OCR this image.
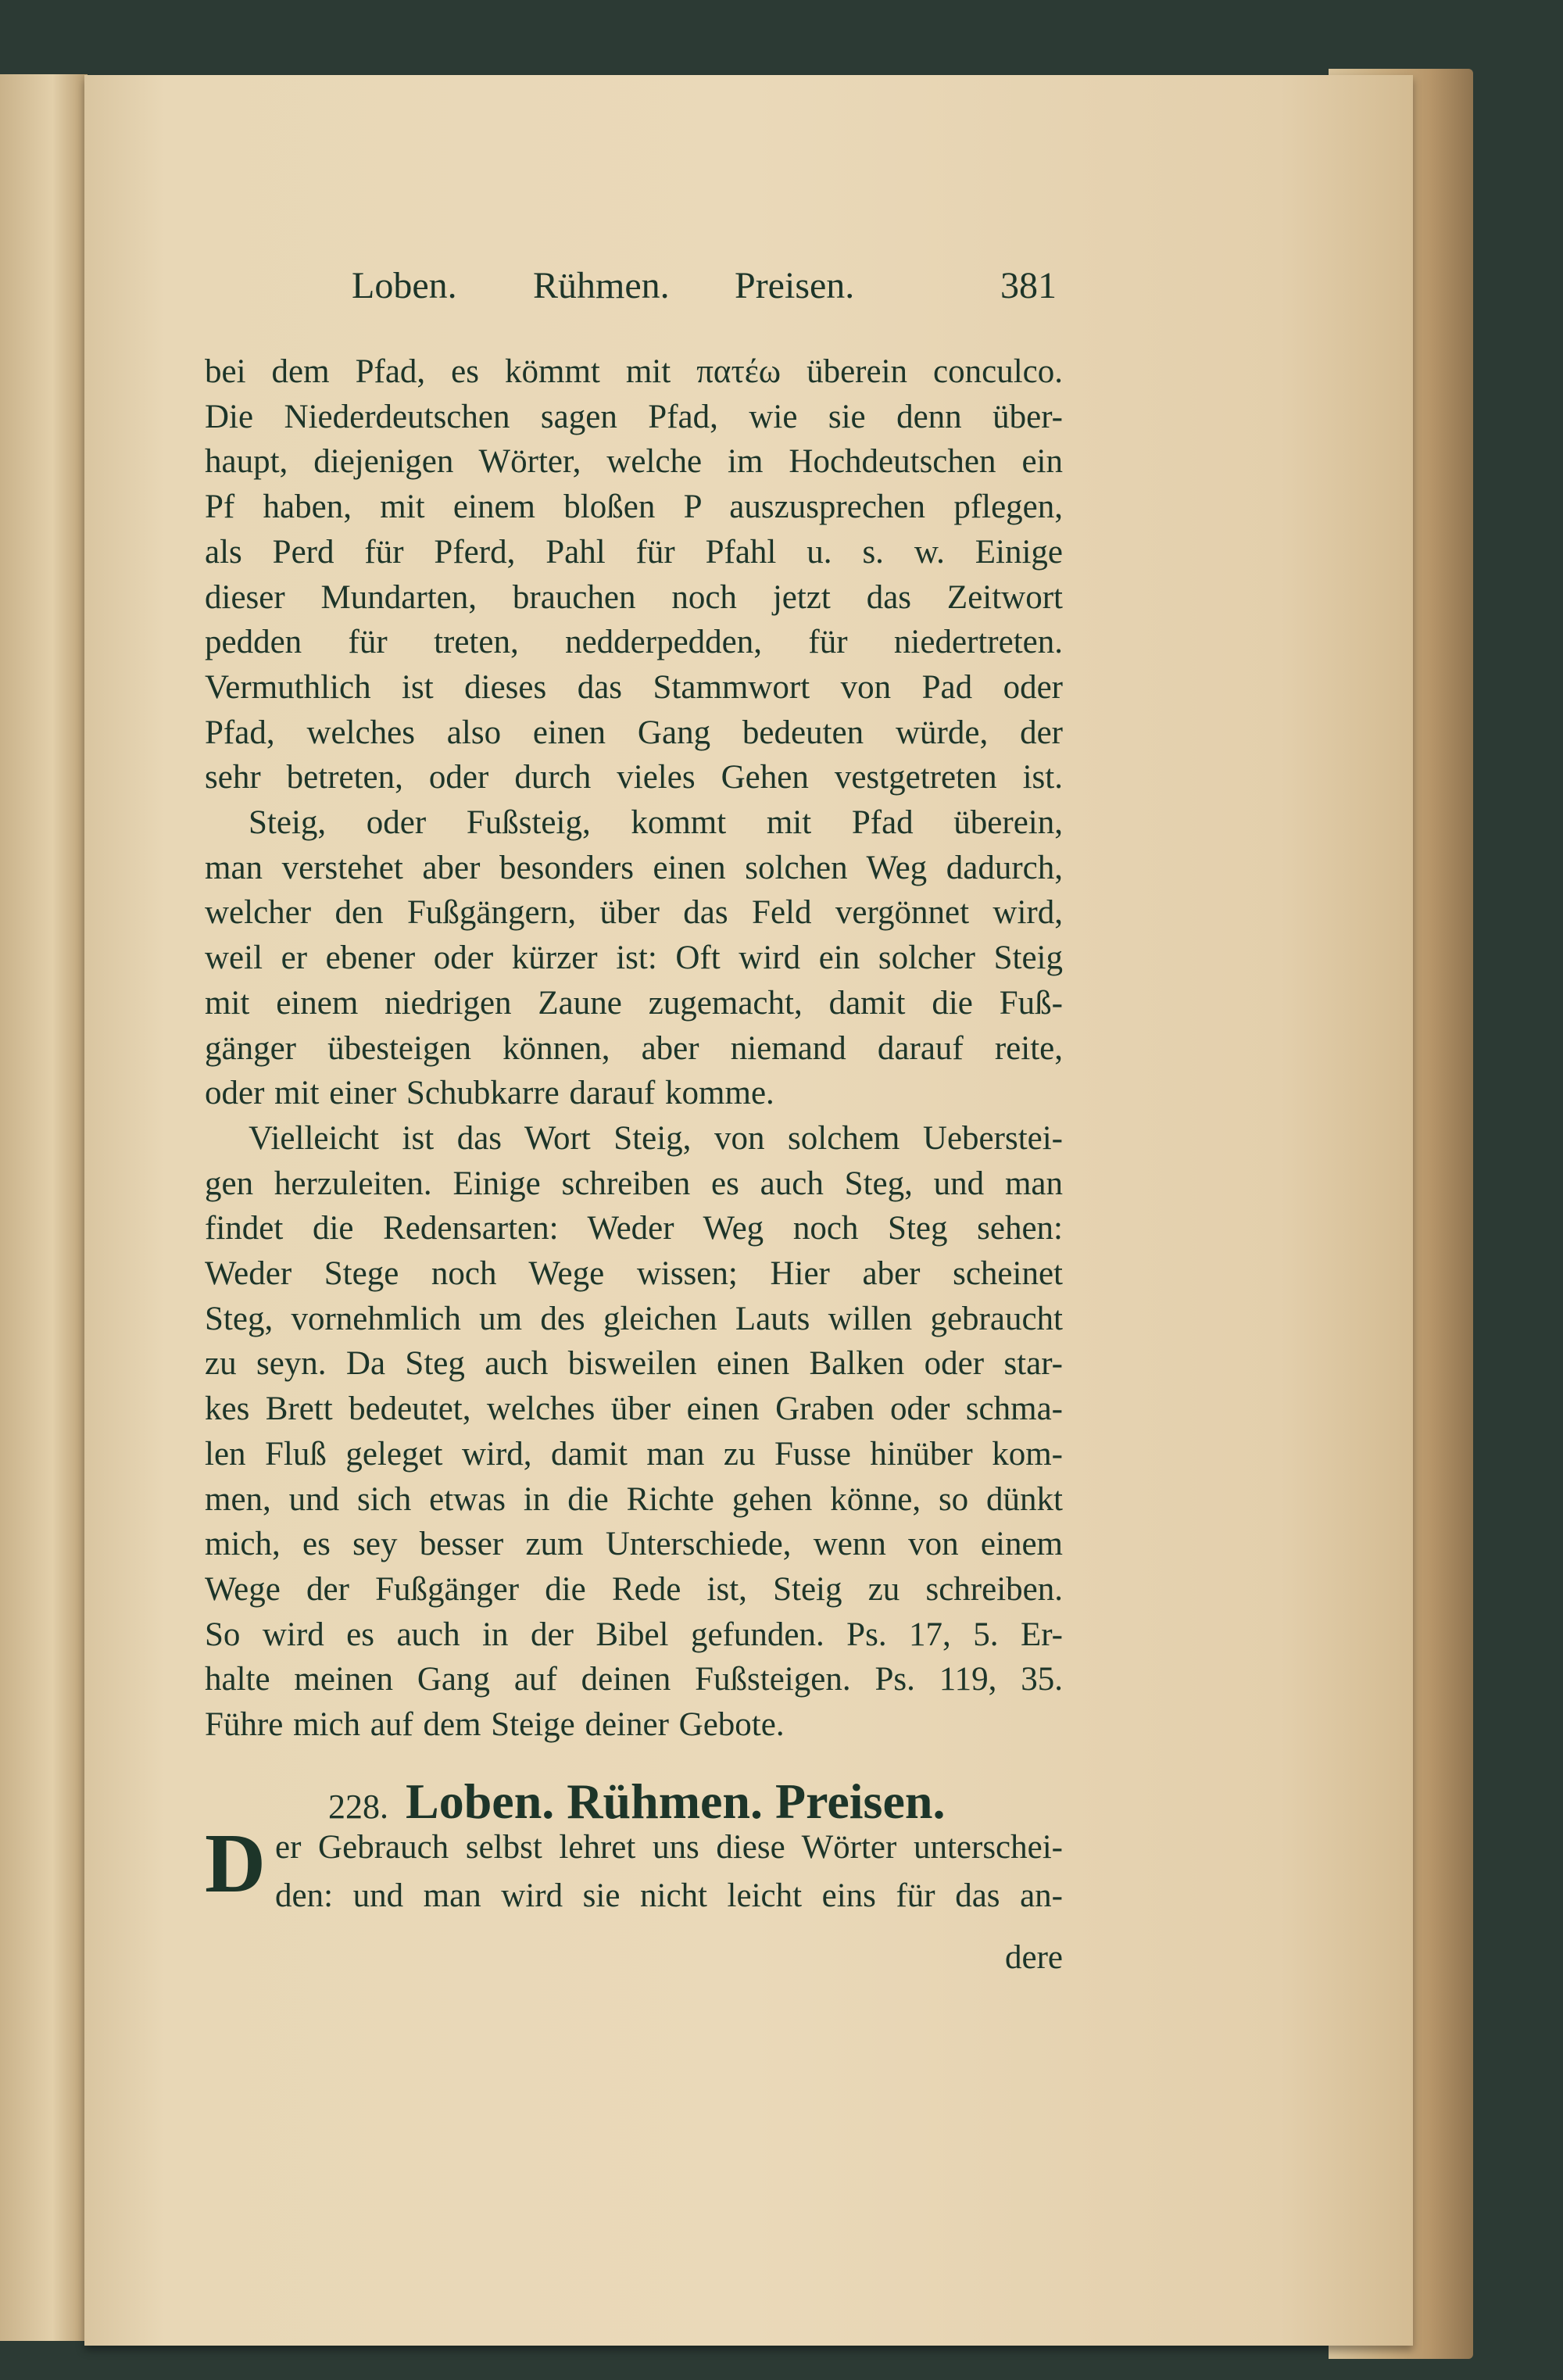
Loben. Rühmen. Preisen.	381
bei dem Pfad, es kömmt mit πατέω überein conculco.
Die Niederdeutschen sagen Pfad, wie sie denn über-
haupt, diejenigen Wörter, welche im Hochdeutschen ein
Pf haben, mit einem bloßen P auszusprechen pflegen,
als Perd für Pferd, Pahl für Pfahl u. s. w. Einige
dieser Mundarten, brauchen noch jetzt das Zeitwort
pedden für treten, nedderpedden, für niedertreten.
Vermuthlich ist dieses das Stammwort von Pad oder
Pfad, welches also einen Gang bedeuten würde, der
sehr betreten, oder durch vieles Gehen vestgetreten ist.
Steig, oder Fußsteig, kommt mit Pfad überein,
man verstehet aber besonders einen solchen Weg dadurch,
welcher den Fußgängern, über das Feld vergönnet wird,
weil er ebener oder kürzer ist: Oft wird ein solcher Steig
mit einem niedrigen Zaune zugemacht, damit die Fuß-
gänger übesteigen können, aber niemand darauf reite,
oder mit einer Schubkarre darauf komme.
Vielleicht ist das Wort Steig, von solchem Ueberstei-
gen herzuleiten. Einige schreiben es auch Steg, und man
findet die Redensarten: Weder Weg noch Steg sehen:
Weder Stege noch Wege wissen; Hier aber scheinet
Steg, vornehmlich um des gleichen Lauts willen gebraucht
zu seyn. Da Steg auch bisweilen einen Balken oder star-
kes Brett bedeutet, welches über einen Graben oder schma-
len Fluß geleget wird, damit man zu Fusse hinüber kom-
men, und sich etwas in die Richte gehen könne, so dünkt
mich, es sey besser zum Unterschiede, wenn von einem
Wege der Fußgänger die Rede ist, Steig zu schreiben.
So wird es auch in der Bibel gefunden. Ps. 17, 5. Er-
halte meinen Gang auf deinen Fußsteigen. Ps. 119, 35.
Führe mich auf dem Steige deiner Gebote.
228. Loben. Rühmen. Preisen.
D er Gebrauch selbst lehret uns diese Wörter unterschei-
den: und man wird sie nicht leicht eins für das an-
dere
